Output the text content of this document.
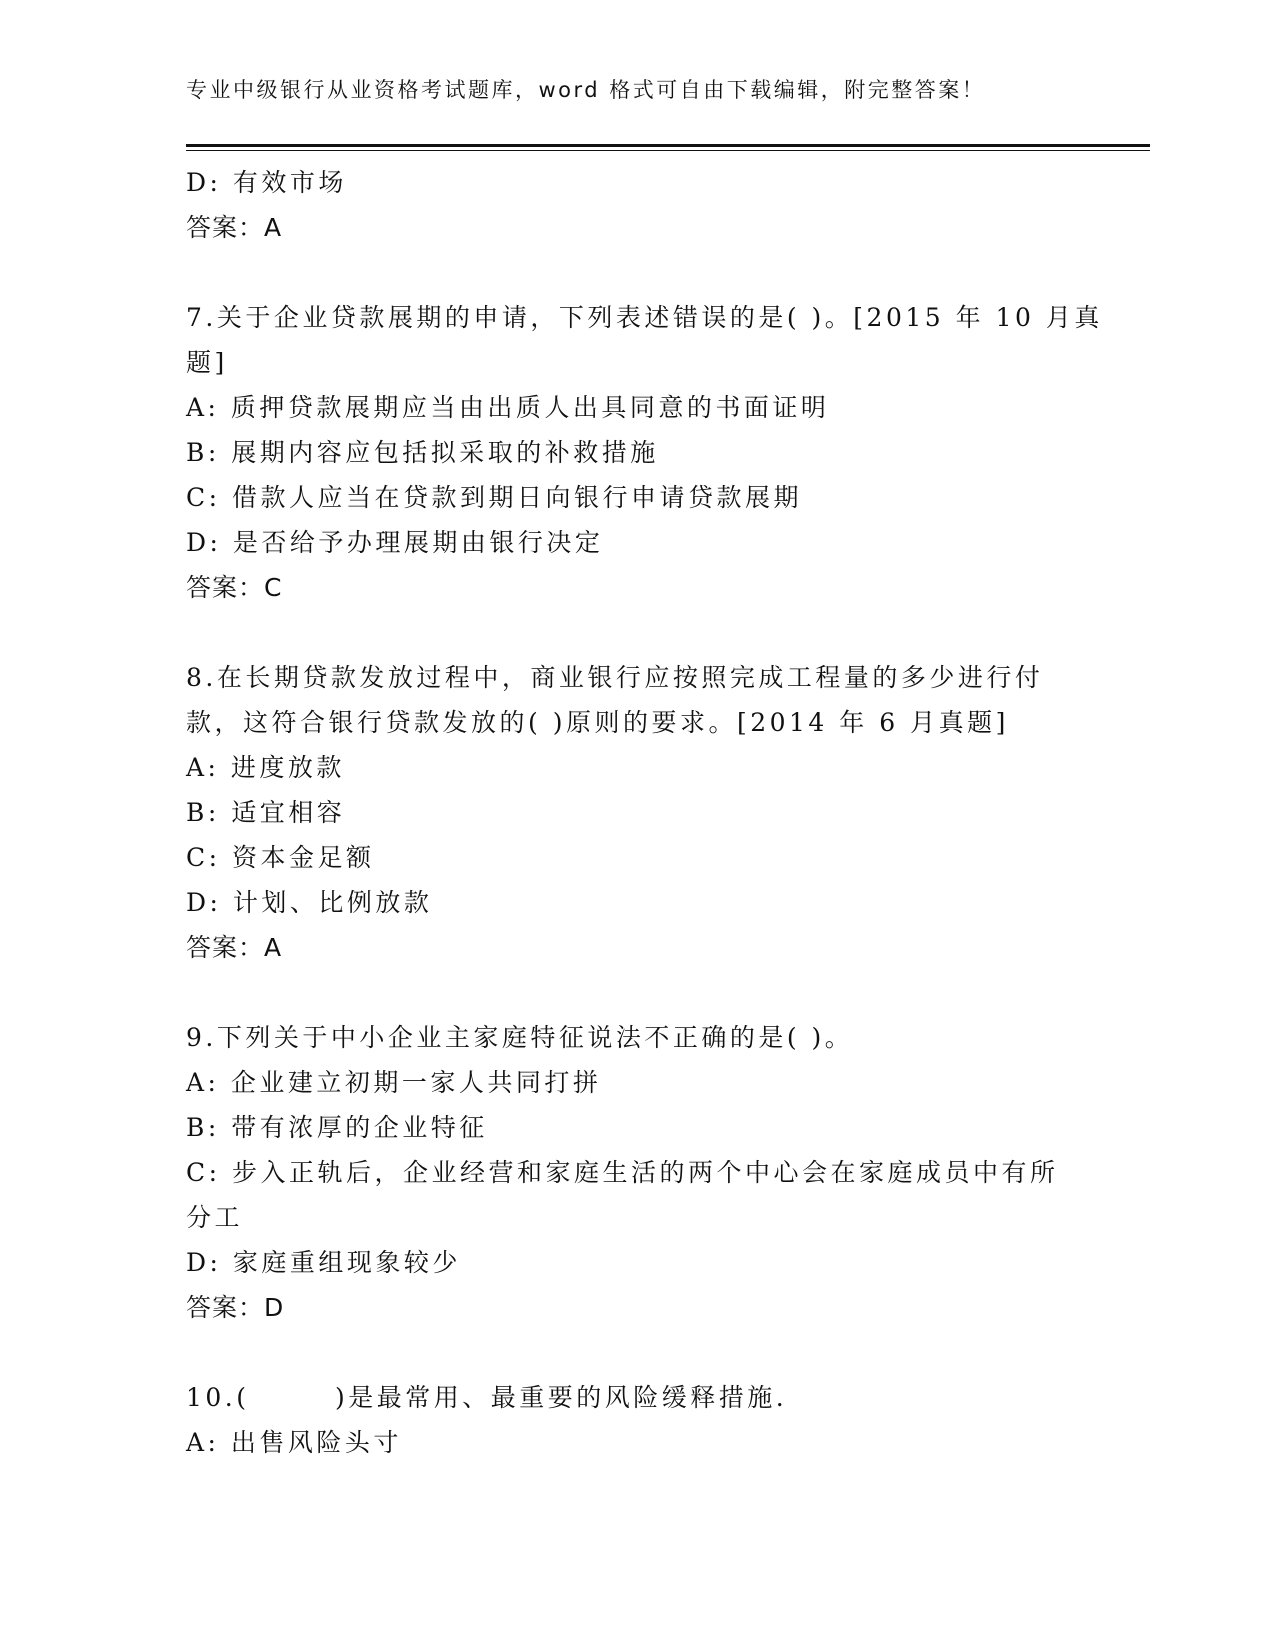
专业中级银行从业资格考试题库，word 格式可自由下载编辑，附完整答案！
D: 有效市场
答案：A
7.关于企业贷款展期的申请，下列表述错误的是( )。[2015 年 10 月真
题]
A: 质押贷款展期应当由出质人出具同意的书面证明
B: 展期内容应包括拟采取的补救措施
C: 借款人应当在贷款到期日向银行申请贷款展期
D: 是否给予办理展期由银行决定
答案：C
8.在长期贷款发放过程中，商业银行应按照完成工程量的多少进行付
款，这符合银行贷款发放的( )原则的要求。[2014 年 6 月真题]
A: 进度放款
B: 适宜相容
C: 资本金足额
D: 计划、比例放款
答案：A
9.下列关于中小企业主家庭特征说法不正确的是( )。
A: 企业建立初期一家人共同打拼
B: 带有浓厚的企业特征
C: 步入正轨后，企业经营和家庭生活的两个中心会在家庭成员中有所
分工
D: 家庭重组现象较少
答案：D
10.(　　　)是最常用、最重要的风险缓释措施.
A: 出售风险头寸
